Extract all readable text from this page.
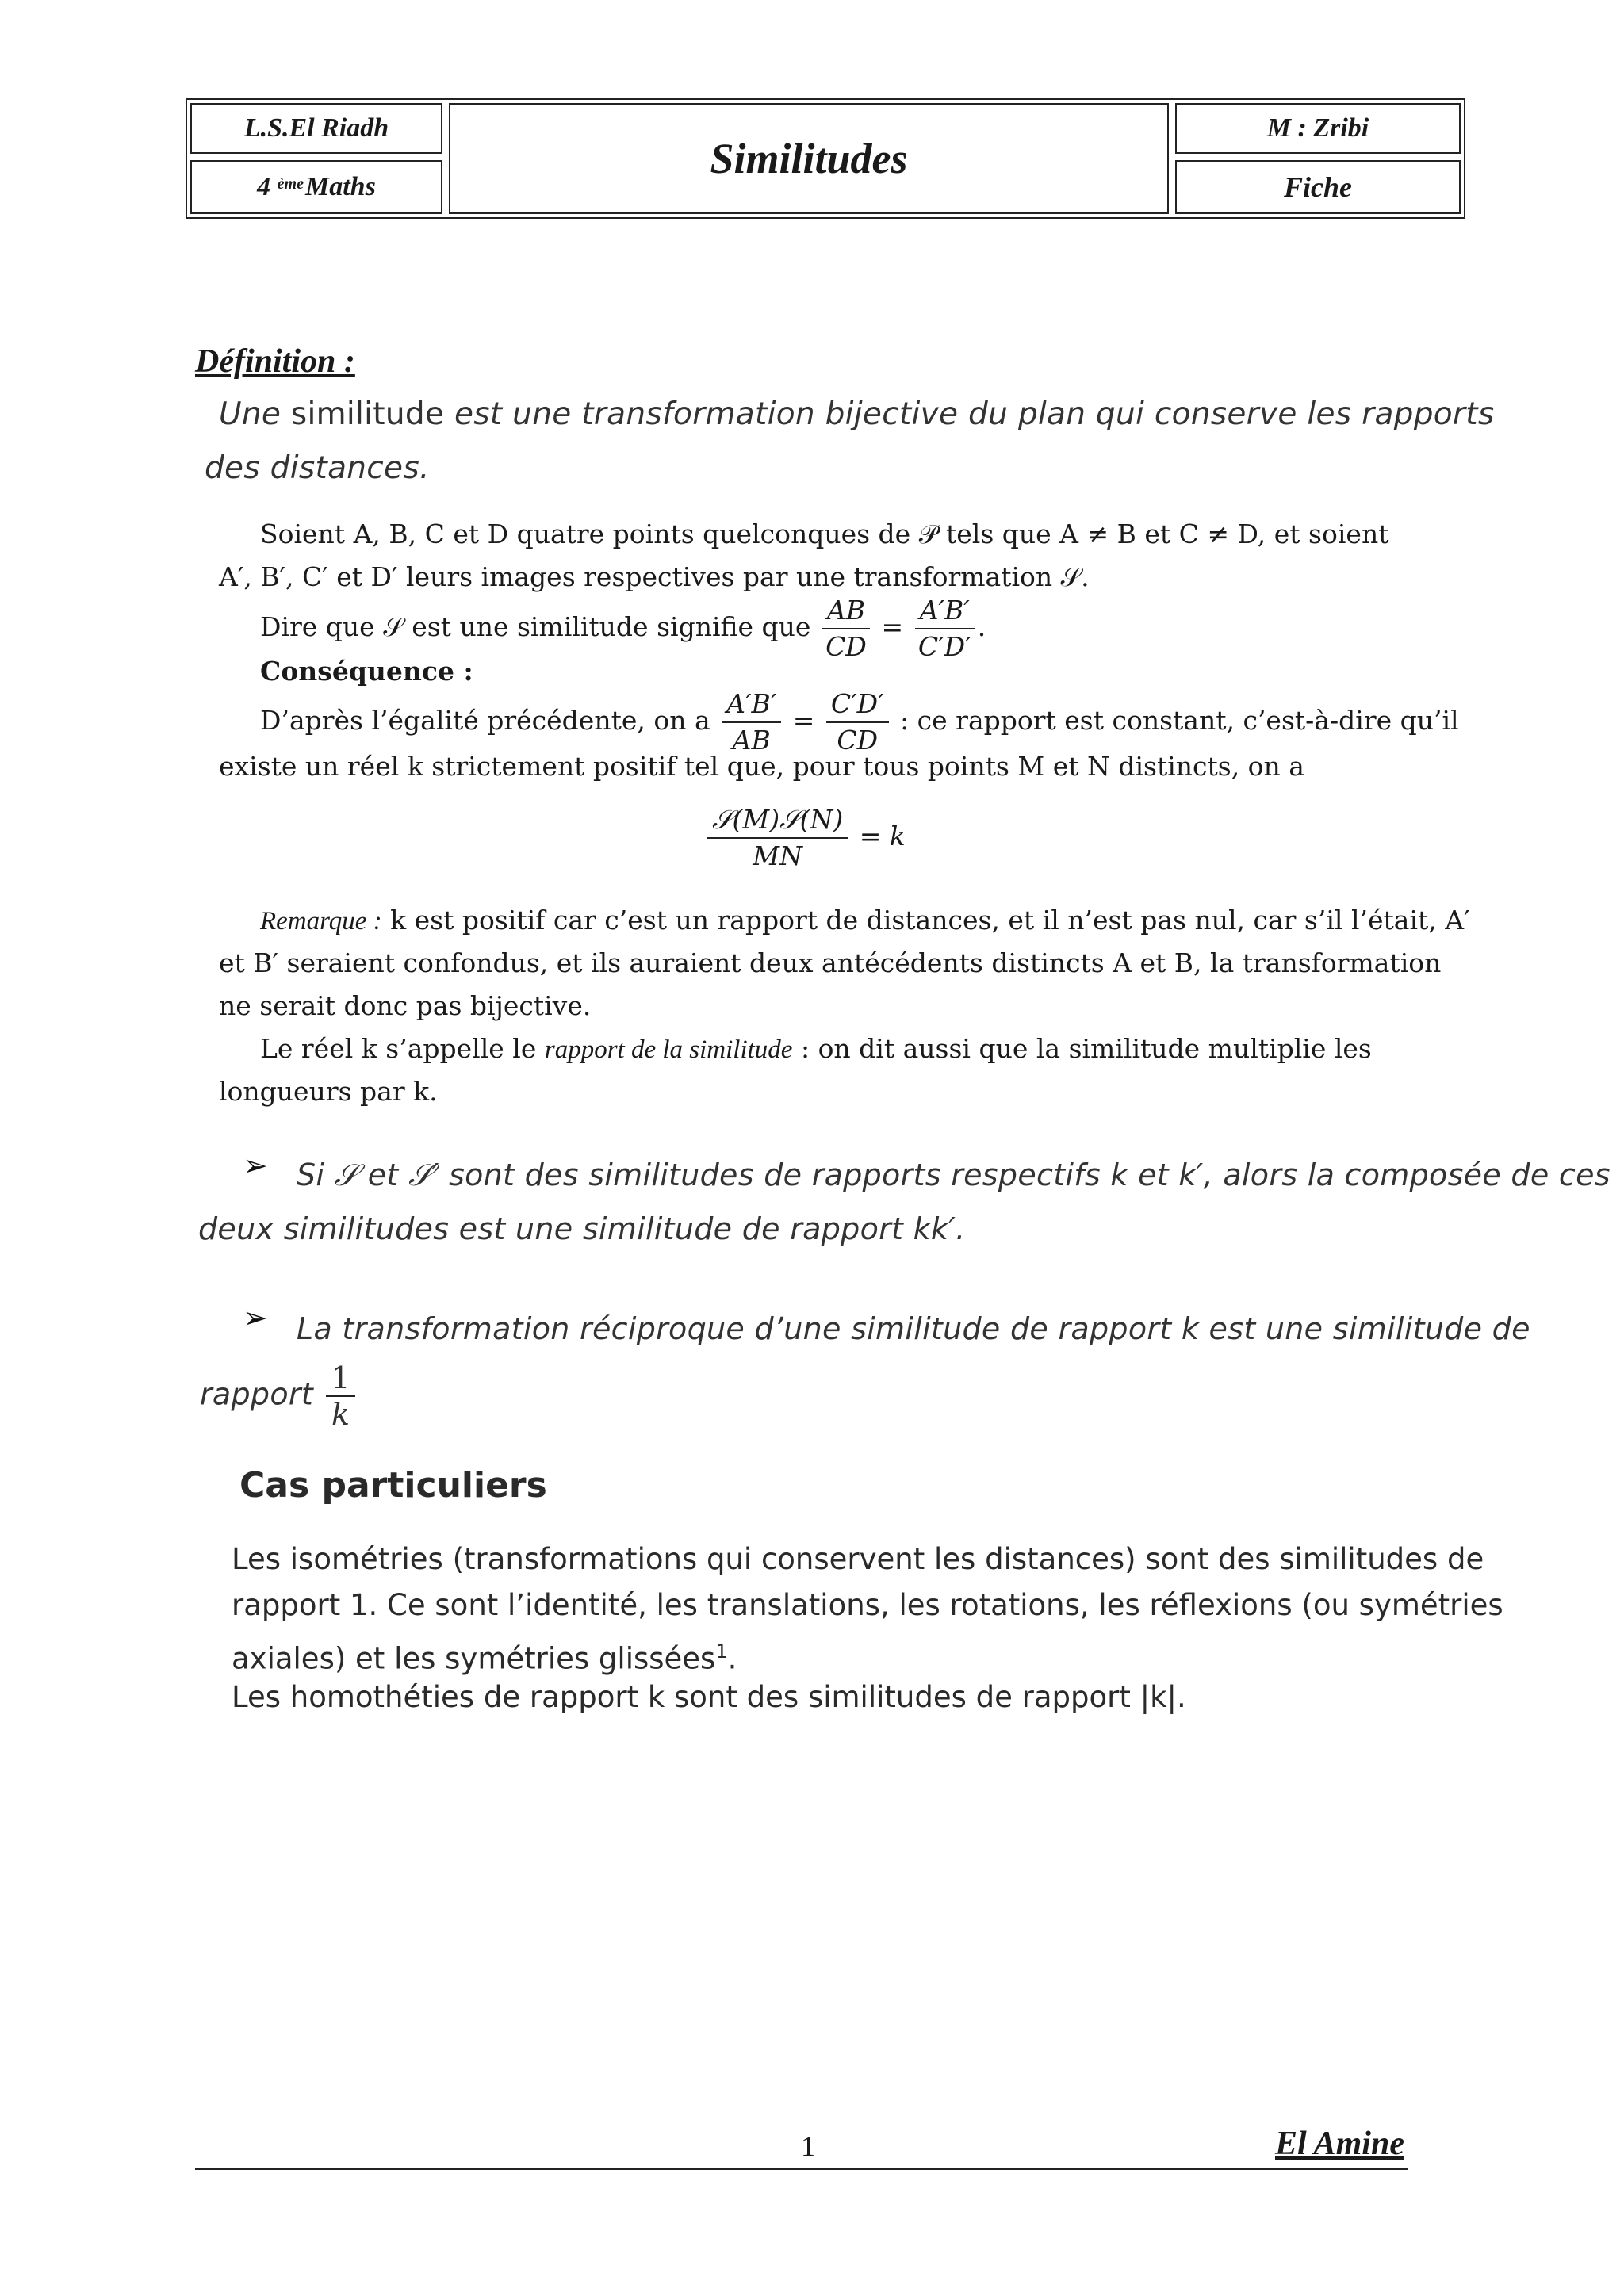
L.S.El Riadh
4
$^{ème}$ Maths
Similitudes
M : Zribi
Fiche
Définition :
Une similitude est une transformation bijective du plan qui conserve les rapports
des distances.
Soient A, B, C et D quatre points quelconques de 𝒫 tels que A ≠ B et C ≠ D, et soient
A′, B′, C′ et D′ leurs images respectives par une transformation 𝒮.
Dire que 𝒮 est une similitude signifie que $\frac{AB}{CD} = \frac{A'B'}{C'D'}$ .
Conséquence :
D’après l’égalité précédente, on a $\frac{A'B'}{AB} = \frac{C'D'}{CD}$ : ce rapport est constant, c’est-à-dire qu’il
existe un réel k strictement positif tel que, pour tous points M et N distincts, on a
$\frac{\text{𝒮(M)𝒮(N)}}{MN} = k$
Remarque : k est positif car c’est un rapport de distances, et il n’est pas nul, car s’il l’était, A′
et B′ seraient confondus, et ils auraient deux antécédents distincts A et B, la transformation
ne serait donc pas bijective.
Le réel k s’appelle le rapport de la similitude : on dit aussi que la similitude multiplie les
longueurs par k.
➢ Si 𝒮 et 𝒮′ sont des similitudes de rapports respectifs k et k′, alors la composée de ces
deux similitudes est une similitude de rapport kk′.
➢ La transformation réciproque d’une similitude de rapport k est une similitude de
rapport $\frac{1}{k}$
Cas particuliers
Les isométries (transformations qui conservent les distances) sont des similitudes de
rapport 1. Ce sont l’identité, les translations, les rotations, les réflexions (ou symétries
axiales) et les symétries glissées$^1$.
Les homothéties de rapport k sont des similitudes de rapport |k|.
1	El Amine
